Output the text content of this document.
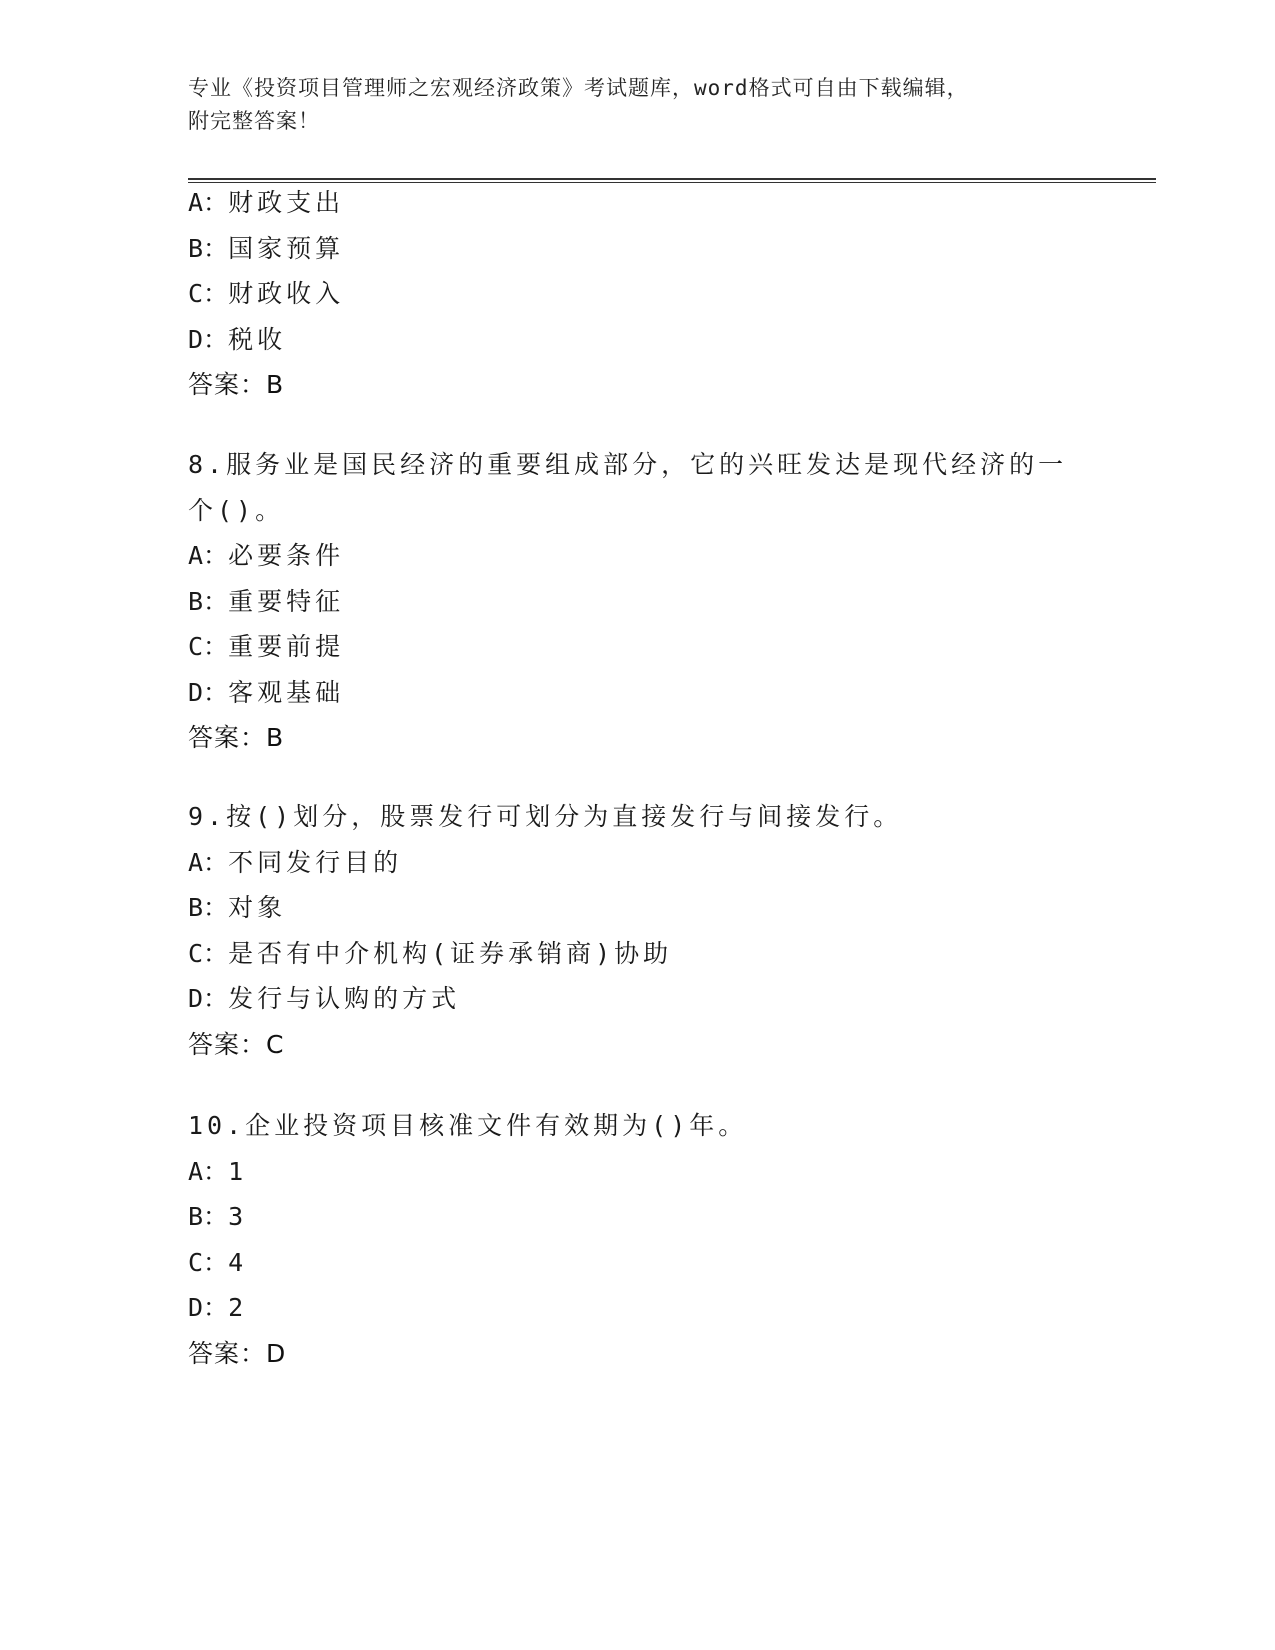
专业《投资项目管理师之宏观经济政策》考试题库，word格式可自由下载编辑，
附完整答案！
A：财政支出
B：国家预算
C：财政收入
D：税收
答案：B
8.服务业是国民经济的重要组成部分，它的兴旺发达是现代经济的一个()。
A：必要条件
B：重要特征
C：重要前提
D：客观基础
答案：B
9.按()划分，股票发行可划分为直接发行与间接发行。
A：不同发行目的
B：对象
C：是否有中介机构(证券承销商)协助
D：发行与认购的方式
答案：C
10.企业投资项目核准文件有效期为()年。
A：1
B：3
C：4
D：2
答案：D
